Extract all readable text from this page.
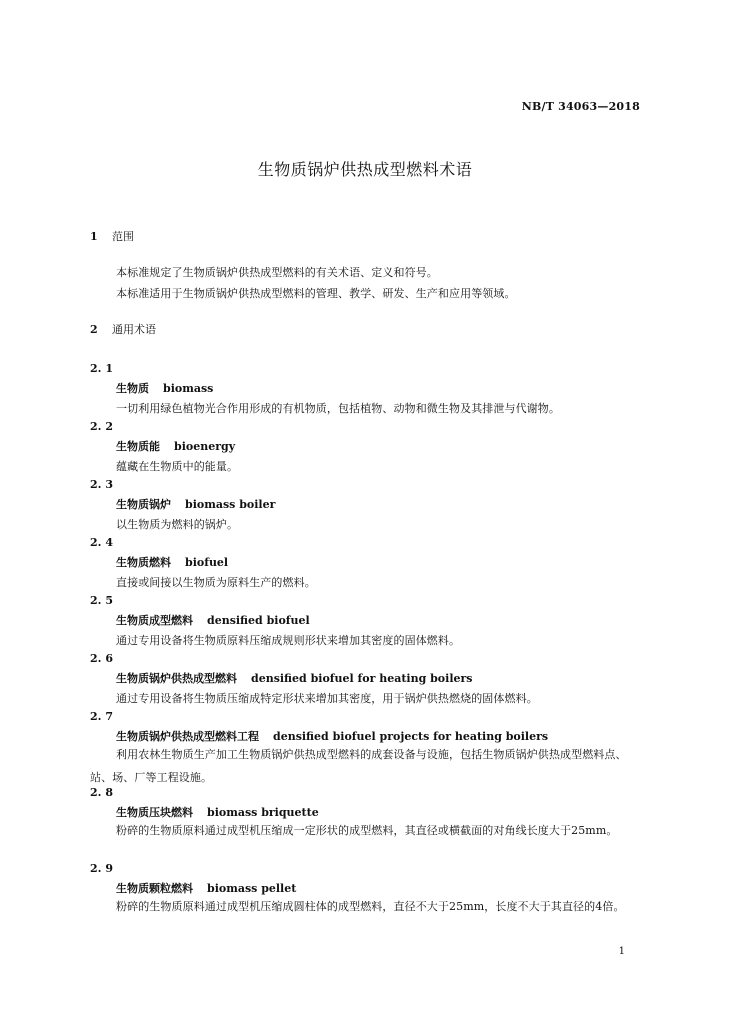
NB/T 34063—2018
生物质锅炉供热成型燃料术语
1 范围
本标准规定了生物质锅炉供热成型燃料的有关术语、定义和符号。
本标准适用于生物质锅炉供热成型燃料的管理、教学、研发、生产和应用等领域。
2 通用术语
2. 1
生物质 biomass
一切利用绿色植物光合作用形成的有机物质，包括植物、动物和微生物及其排泄与代谢物。
2. 2
生物质能 bioenergy
蕴藏在生物质中的能量。
2. 3
生物质锅炉 biomass boiler
以生物质为燃料的锅炉。
2. 4
生物质燃料 biofuel
直接或间接以生物质为原料生产的燃料。
2. 5
生物质成型燃料 densified biofuel
通过专用设备将生物质原料压缩成规则形状来增加其密度的固体燃料。
2. 6
生物质锅炉供热成型燃料 densified biofuel for heating boilers
通过专用设备将生物质压缩成特定形状来增加其密度，用于锅炉供热燃烧的固体燃料。
2. 7
生物质锅炉供热成型燃料工程 densified biofuel projects for heating boilers
利用农林生物质生产加工生物质锅炉供热成型燃料的成套设备与设施，包括生物质锅炉供热成型燃料点、站、场、厂等工程设施。
2. 8
生物质压块燃料 biomass briquette
粉碎的生物质原料通过成型机压缩成一定形状的成型燃料，其直径或横截面的对角线长度大于25mm。
2. 9
生物质颗粒燃料 biomass pellet
粉碎的生物质原料通过成型机压缩成圆柱体的成型燃料，直径不大于25mm，长度不大于其直径的4倍。
1
